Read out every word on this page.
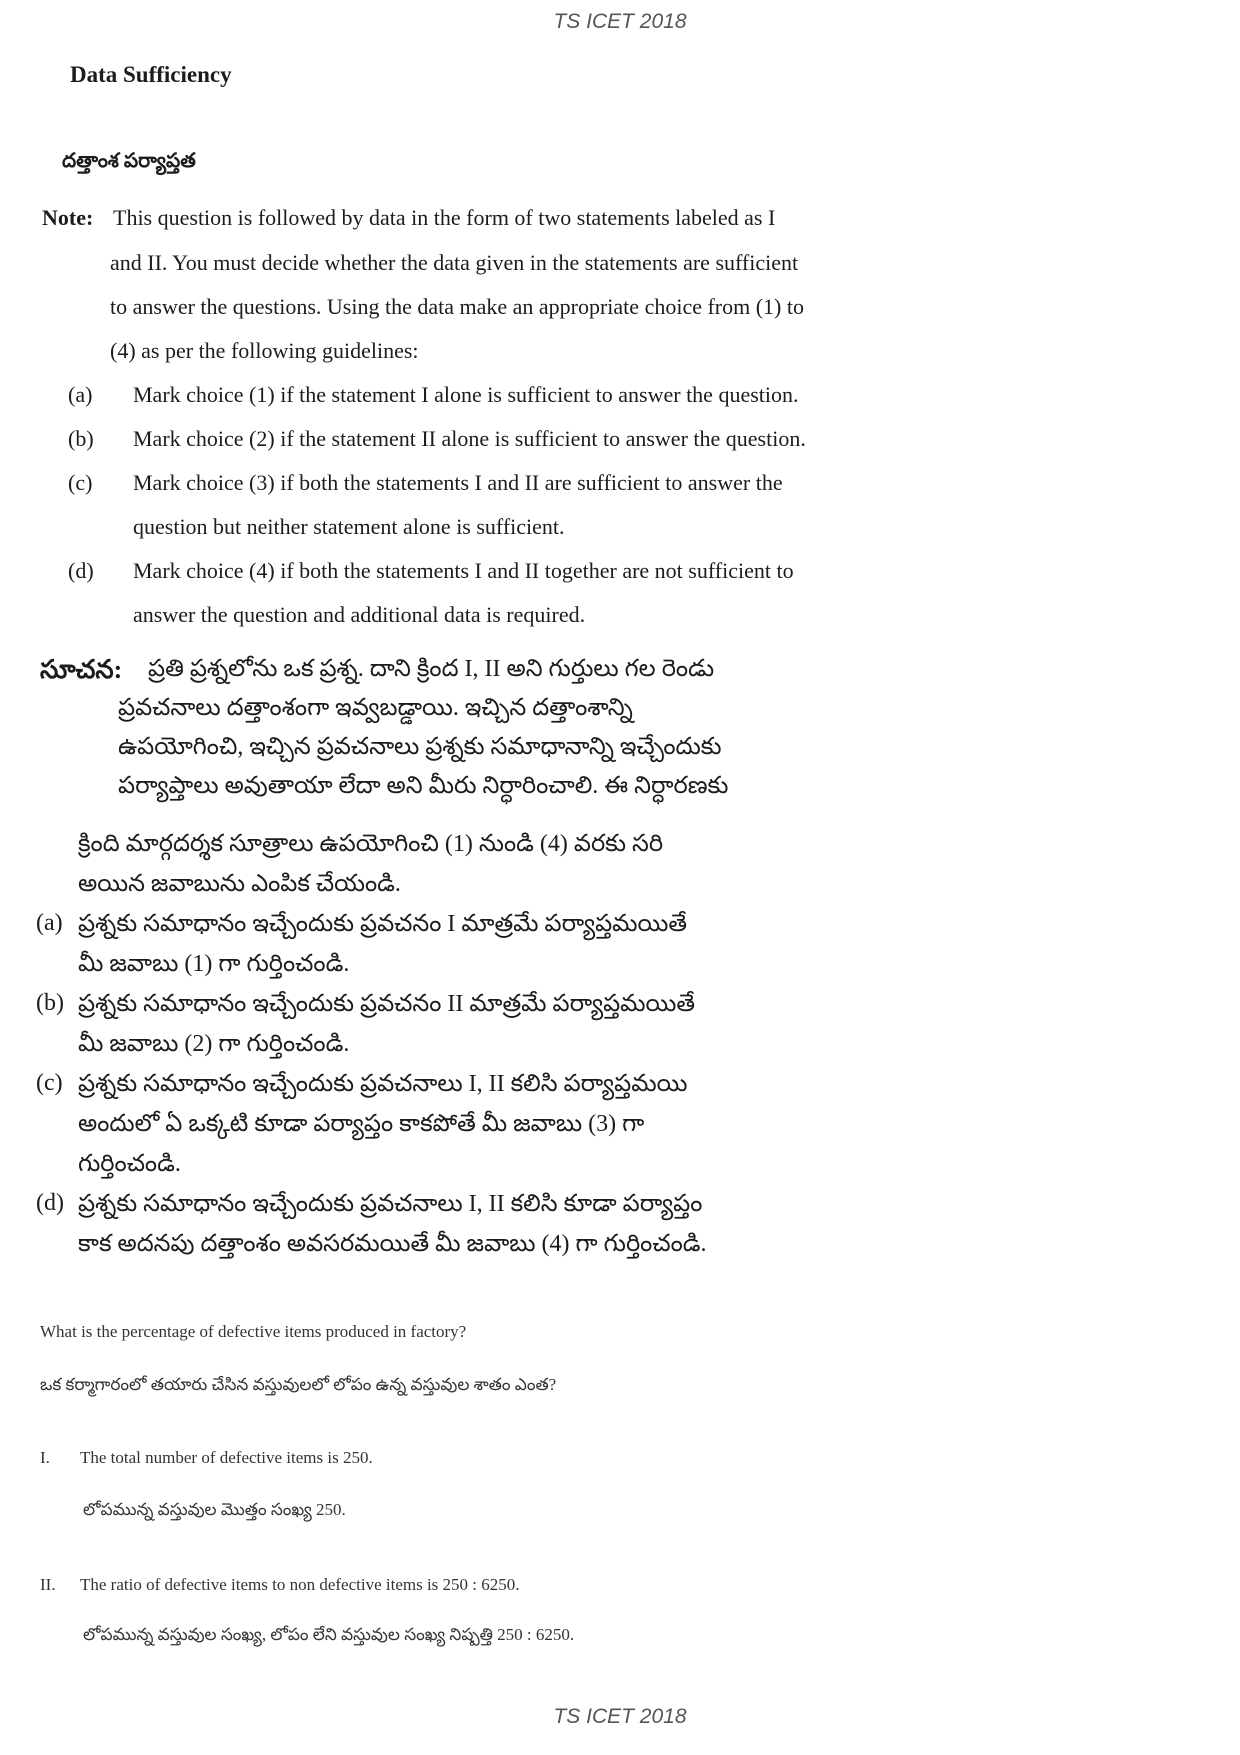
TS ICET 2018
Data Sufficiency
దత్తాంశ పర్యాప్తత
Note: This question is followed by data in the form of two statements labeled as I
and II. You must decide whether the data given in the statements are sufficient
to answer the questions. Using the data make an appropriate choice from (1) to
(4) as per the following guidelines:
(a) Mark choice (1) if the statement I alone is sufficient to answer the question.
(b) Mark choice (2) if the statement II alone is sufficient to answer the question.
(c) Mark choice (3) if both the statements I and II are sufficient to answer the
question but neither statement alone is sufficient.
(d) Mark choice (4) if both the statements I and II together are not sufficient to
answer the question and additional data is required.
సూచన: ప్రతి ప్రశ్నలోను ఒక ప్రశ్న. దాని క్రింద I, II అని గుర్తులు గల రెండు
ప్రవచనాలు దత్తాంశంగా ఇవ్వబడ్డాయి. ఇచ్చిన దత్తాంశాన్ని
ఉపయోగించి, ఇచ్చిన ప్రవచనాలు ప్రశ్నకు సమాధానాన్ని ఇచ్చేందుకు
పర్యాప్తాలు అవుతాయా లేదా అని మీరు నిర్ధారించాలి. ఈ నిర్ధారణకు
క్రింది మార్గదర్శక సూత్రాలు ఉపయోగించి (1) నుండి (4) వరకు సరి
అయిన జవాబును ఎంపిక చేయండి.
(a) ప్రశ్నకు సమాధానం ఇచ్చేందుకు ప్రవచనం I మాత్రమే పర్యాప్తమయితే
మీ జవాబు (1) గా గుర్తించండి.
(b) ప్రశ్నకు సమాధానం ఇచ్చేందుకు ప్రవచనం II మాత్రమే పర్యాప్తమయితే
మీ జవాబు (2) గా గుర్తించండి.
(c) ప్రశ్నకు సమాధానం ఇచ్చేందుకు ప్రవచనాలు I, II కలిసి పర్యాప్తమయి
అందులో ఏ ఒక్కటి కూడా పర్యాప్తం కాకపోతే మీ జవాబు (3) గా
గుర్తించండి.
(d) ప్రశ్నకు సమాధానం ఇచ్చేందుకు ప్రవచనాలు I, II కలిసి కూడా పర్యాప్తం
కాక అదనపు దత్తాంశం అవసరమయితే మీ జవాబు (4) గా గుర్తించండి.
What is the percentage of defective items produced in factory?
ఒక కర్మాగారంలో తయారు చేసిన వస్తువులలో లోపం ఉన్న వస్తువుల శాతం ఎంత?
I. The total number of defective items is 250.
లోపమున్న వస్తువుల మొత్తం సంఖ్య 250.
II. The ratio of defective items to non defective items is 250 : 6250.
లోపమున్న వస్తువుల సంఖ్య, లోపం లేని వస్తువుల సంఖ్య నిష్పత్తి 250 : 6250.
TS ICET 2018
